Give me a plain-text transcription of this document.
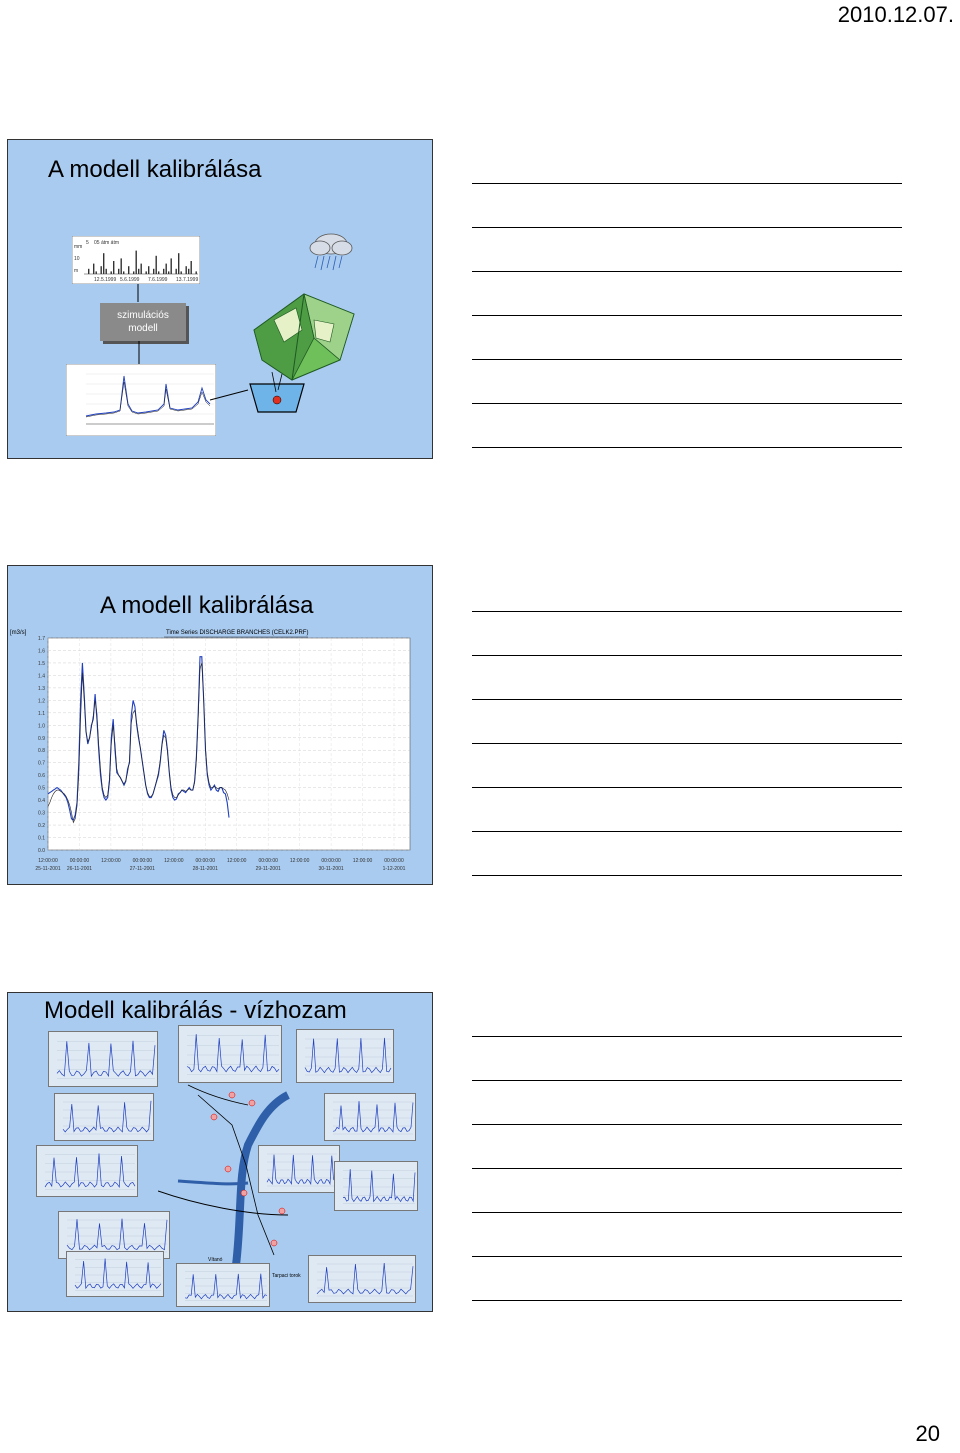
2010.12.07.
A modell kalibrálása
5
mm
05 átm átm
10
m
12.5.1999 5.6.1999 7.6.1999 13.7.1999
szimulációs
modell
A modell kalibrálása
[m3/s]	Time Series DISCHARGE BRANCHES (CELK2.PRF)
1.7
1.6
1.5
1.4
1.3
1.2
1.1
1.0
0.9
0.8
0.7
0.6
0.5
0.4
0.3
0.2
0.1
0.0
12:00:00
25-11-2001
00:00:00
26-11-2001
12:00:00 00:00:00
27-11-2001
12:00:00 00:00:00
28-11-2001
12:00:00 00:00:00
29-11-2001
12:00:00 00:00:00
30-11-2001
12:00:00 00:00:00
1-12-2001
Modell kalibrálás - vízhozam
Vítanó
Tarpaci torok
20
